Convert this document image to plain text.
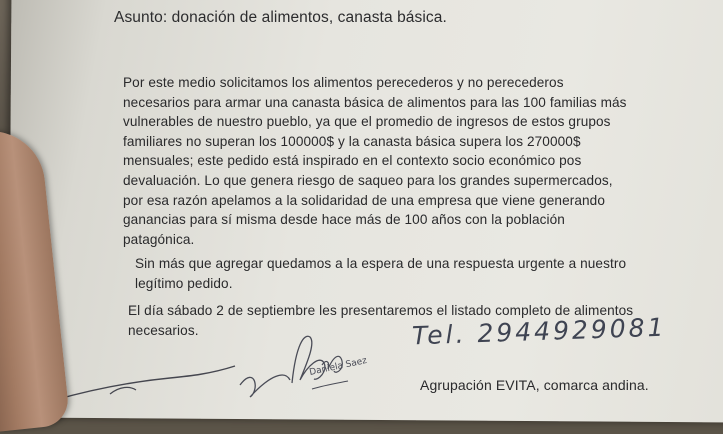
Asunto: donación de alimentos, canasta básica.
Por este medio solicitamos los alimentos perecederos y no perecederos
necesarios para armar una canasta básica de alimentos para las 100 familias más
vulnerables de nuestro pueblo, ya que el promedio de ingresos de estos grupos
familiares no superan los 100000$ y la canasta básica supera los 270000$
mensuales; este pedido está inspirado en el contexto socio económico pos
devaluación. Lo que genera riesgo de saqueo para los grandes supermercados,
por esa razón apelamos a la solidaridad de una empresa que viene generando
ganancias para sí misma desde hace más de 100 años con la población
patagónica.
Sin más que agregar quedamos a la espera de una respuesta urgente a nuestro
legítimo pedido.
El día sábado 2 de septiembre les presentaremos el listado completo de alimentos
necesarios.	Tel. 2944929081
Daniela Saez
Agrupación EVITA, comarca andina.
